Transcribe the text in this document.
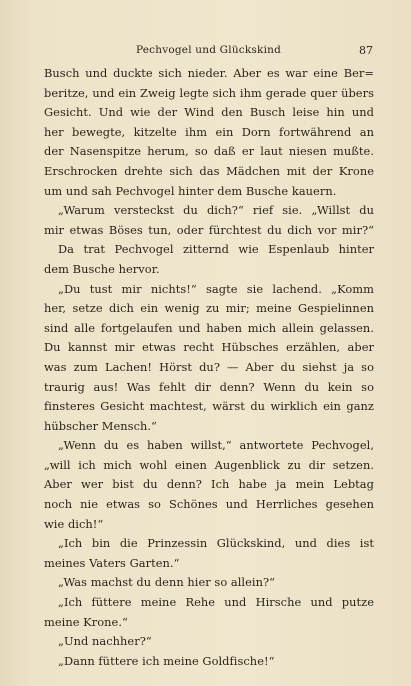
Pechvogel und Glückskind	87
Busch und duckte sich nieder. Aber es war eine Ber=
beritze, und ein Zweig legte sich ihm gerade quer übers
Gesicht. Und wie der Wind den Busch leise hin und
her bewegte, kitzelte ihm ein Dorn fortwährend an
der Nasenspitze herum, so daß er laut niesen mußte.
Erschrocken drehte sich das Mädchen mit der Krone
um und sah Pechvogel hinter dem Busche kauern.
„Warum versteckst du dich?“ rief sie. „Willst du
mir etwas Böses tun, oder fürchtest du dich vor mir?“
Da trat Pechvogel zitternd wie Espenlaub hinter
dem Busche hervor.
„Du tust mir nichts!“ sagte sie lachend. „Komm
her, setze dich ein wenig zu mir; meine Gespielinnen
sind alle fortgelaufen und haben mich allein gelassen.
Du kannst mir etwas recht Hübsches erzählen, aber
was zum Lachen! Hörst du? — Aber du siehst ja so
traurig aus! Was fehlt dir denn? Wenn du kein so
finsteres Gesicht machtest, wärst du wirklich ein ganz
hübscher Mensch.“
„Wenn du es haben willst,“ antwortete Pechvogel,
„will ich mich wohl einen Augenblick zu dir setzen.
Aber wer bist du denn? Ich habe ja mein Lebtag
noch nie etwas so Schönes und Herrliches gesehen
wie dich!“
„Ich bin die Prinzessin Glückskind, und dies ist
meines Vaters Garten.“
„Was machst du denn hier so allein?“
„Ich füttere meine Rehe und Hirsche und putze
meine Krone.“
„Und nachher?“
„Dann füttere ich meine Goldfische!“
